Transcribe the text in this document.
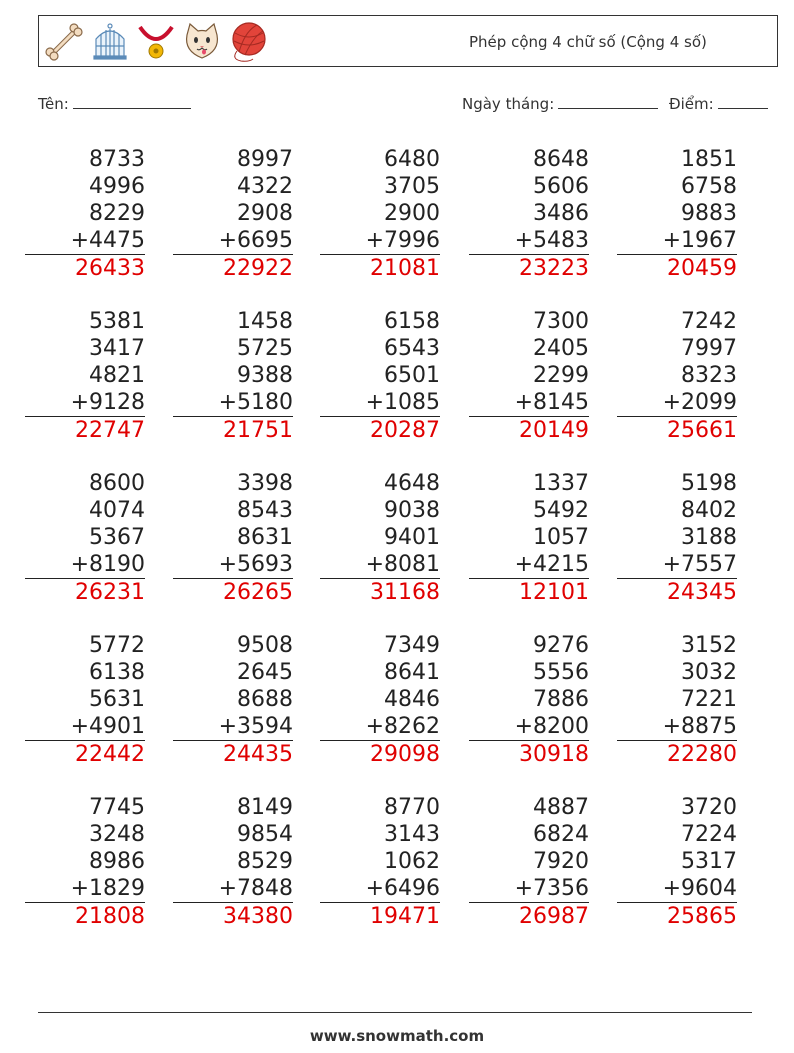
Phép cộng 4 chữ số (Cộng 4 số)
Tên:	Ngày tháng:	Điểm:
8733
4996
8229
+4475
26433
8997
4322
2908
+6695
22922
6480
3705
2900
+7996
21081
8648
5606
3486
+5483
23223
1851
6758
9883
+1967
20459
5381
3417
4821
+9128
22747
1458
5725
9388
+5180
21751
6158
6543
6501
+1085
20287
7300
2405
2299
+8145
20149
7242
7997
8323
+2099
25661
8600
4074
5367
+8190
26231
3398
8543
8631
+5693
26265
4648
9038
9401
+8081
31168
1337
5492
1057
+4215
12101
5198
8402
3188
+7557
24345
5772
6138
5631
+4901
22442
9508
2645
8688
+3594
24435
7349
8641
4846
+8262
29098
9276
5556
7886
+8200
30918
3152
3032
7221
+8875
22280
7745
3248
8986
+1829
21808
8149
9854
8529
+7848
34380
8770
3143
1062
+6496
19471
4887
6824
7920
+7356
26987
3720
7224
5317
+9604
25865
www.snowmath.com
